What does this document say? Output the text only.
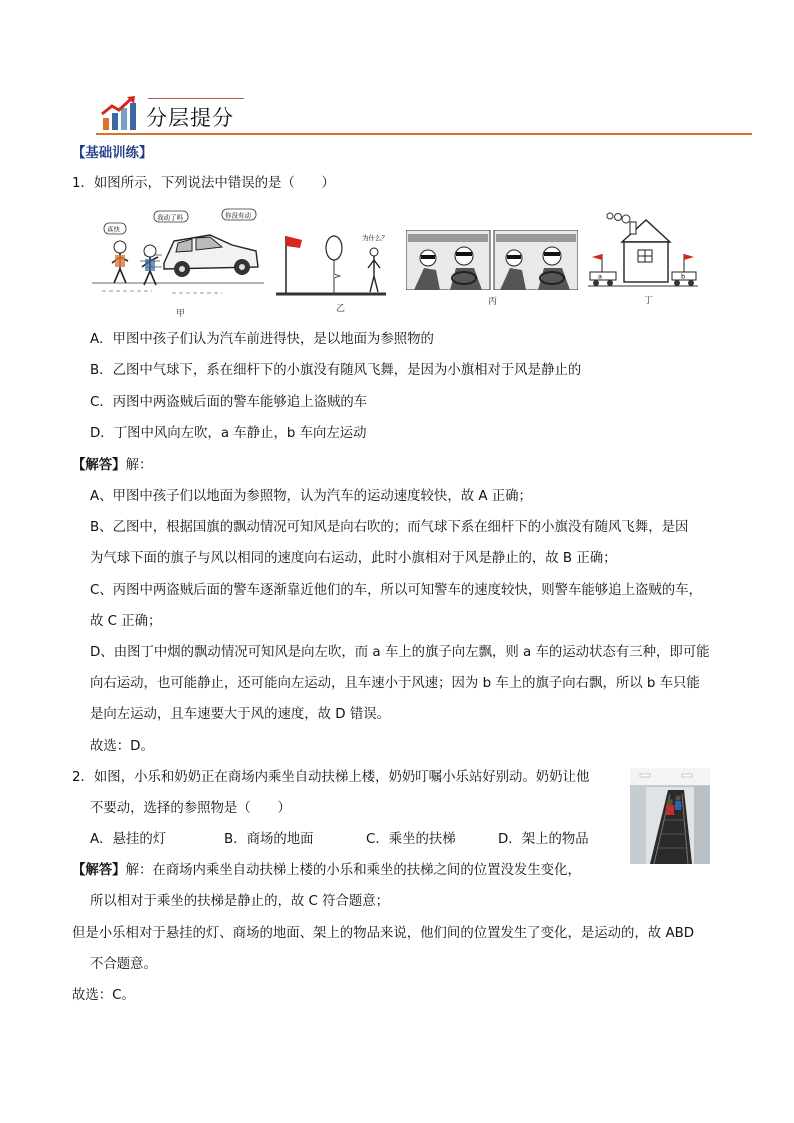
分层提分
【基础训练】
1．如图所示，下列说法中错误的是（　　）
真快
我动了吗	你没有动
甲
为什么？
乙
丙
a	b
丁
A．甲图中孩子们认为汽车前进得快，是以地面为参照物的
B．乙图中气球下，系在细杆下的小旗没有随风飞舞，是因为小旗相对于风是静止的
C．丙图中两盗贼后面的警车能够追上盗贼的车
D．丁图中风向左吹，a 车静止，b 车向左运动
【解答】解：
A、甲图中孩子们以地面为参照物，认为汽车的运动速度较快，故 A 正确；
B、乙图中，根据国旗的飘动情况可知风是向右吹的；而气球下系在细杆下的小旗没有随风飞舞，是因
为气球下面的旗子与风以相同的速度向右运动，此时小旗相对于风是静止的，故 B 正确；
C、丙图中两盗贼后面的警车逐渐靠近他们的车，所以可知警车的速度较快，则警车能够追上盗贼的车，
故 C 正确；
D、由图丁中烟的飘动情况可知风是向左吹，而 a 车上的旗子向左飘，则 a 车的运动状态有三种，即可能
向右运动，也可能静止，还可能向左运动，且车速小于风速；因为 b 车上的旗子向右飘，所以 b 车只能
是向左运动，且车速要大于风的速度，故 D 错误。
故选：D。
2．如图，小乐和奶奶正在商场内乘坐自动扶梯上楼，奶奶叮嘱小乐站好别动。奶奶让他
不要动，选择的参照物是（　　）
A．悬挂的灯	B．商场的地面	C．乘坐的扶梯	D．架上的物品
【解答】解：在商场内乘坐自动扶梯上楼的小乐和乘坐的扶梯之间的位置没发生变化，
所以相对于乘坐的扶梯是静止的，故 C 符合题意；
但是小乐相对于悬挂的灯、商场的地面、架上的物品来说，他们间的位置发生了变化，是运动的，故 ABD
不合题意。
故选：C。
